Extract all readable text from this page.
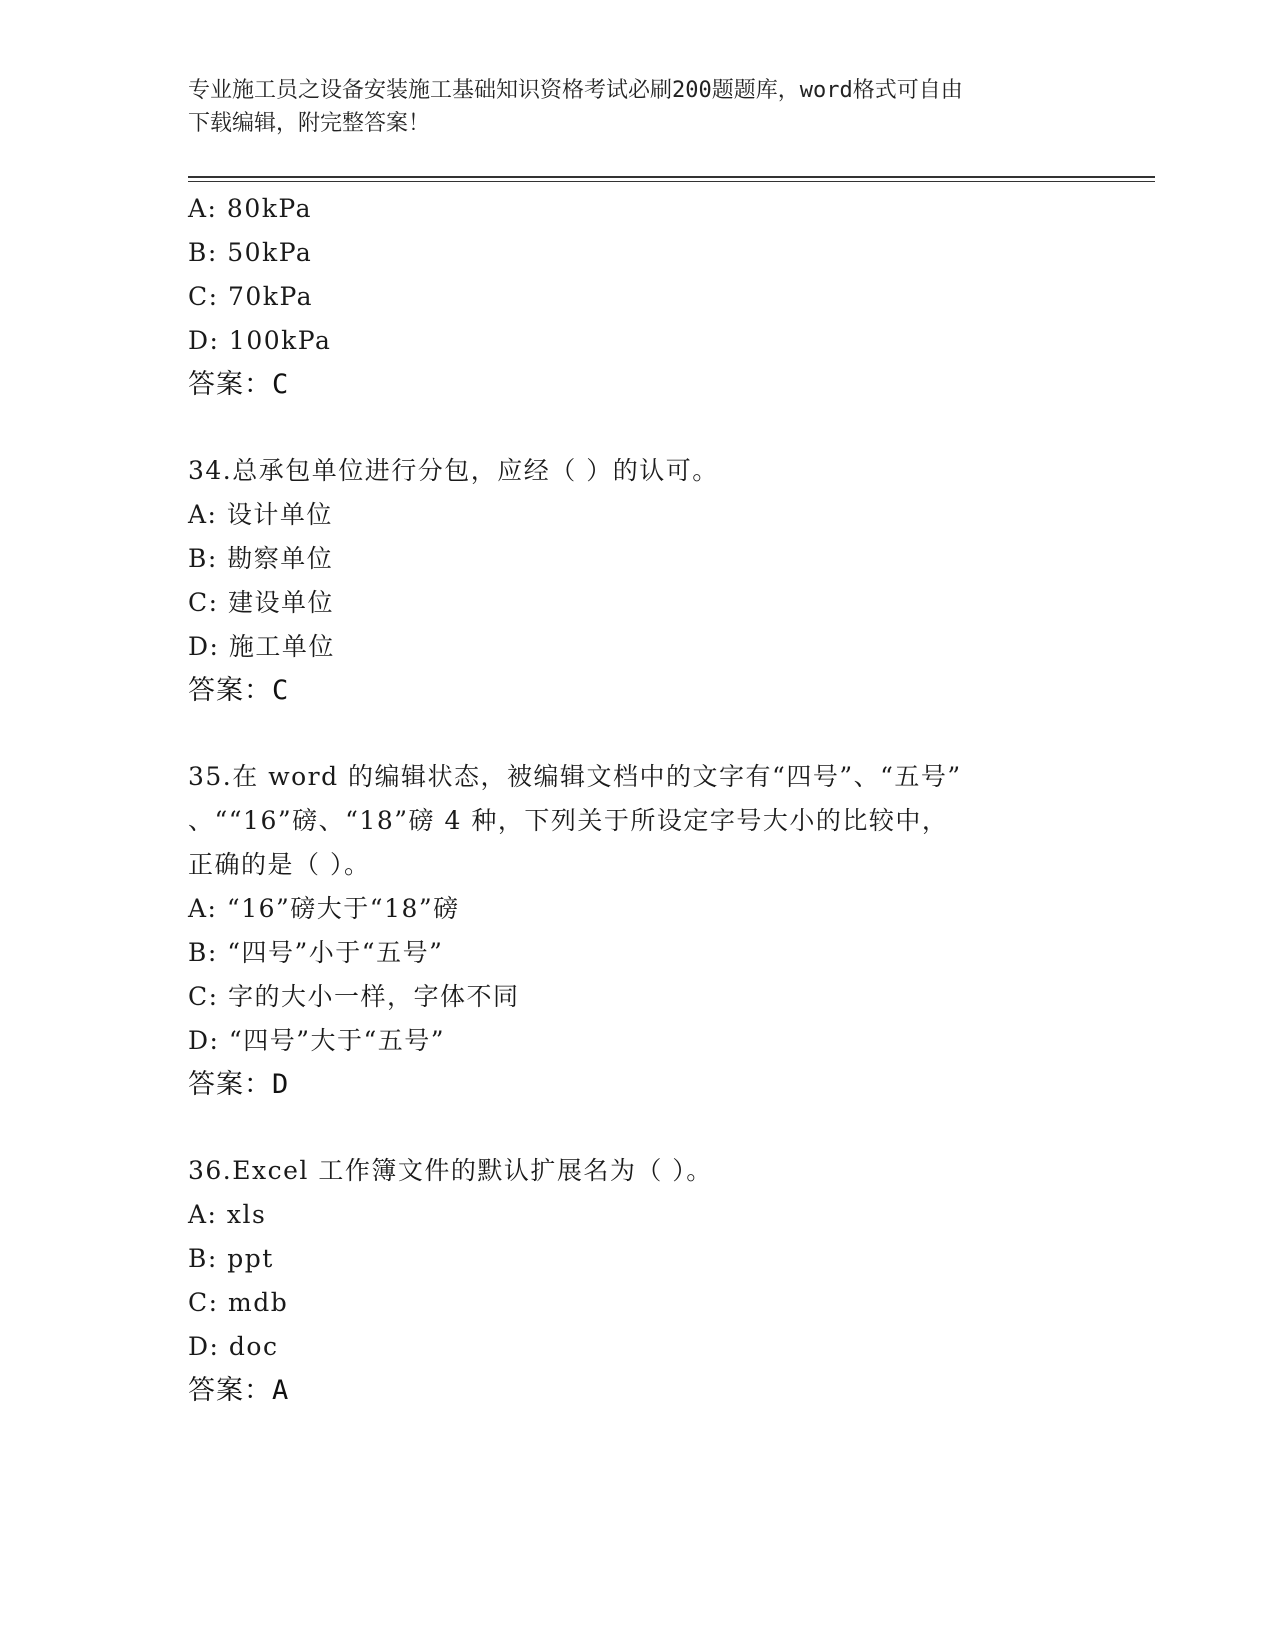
专业施工员之设备安装施工基础知识资格考试必刷200题题库，word格式可自由
下载编辑，附完整答案！
A: 80kPa
B: 50kPa
C: 70kPa
D: 100kPa
答案：C
34.总承包单位进行分包，应经（ ）的认可。
A: 设计单位
B: 勘察单位
C: 建设单位
D: 施工单位
答案：C
35.在 word 的编辑状态，被编辑文档中的文字有“四号”、“五号”
、““16”磅、“18”磅 4 种，下列关于所设定字号大小的比较中，
正确的是（ ）。
A: “16”磅大于“18”磅
B: “四号”小于“五号”
C: 字的大小一样，字体不同
D: “四号”大于“五号”
答案：D
36.Excel 工作簿文件的默认扩展名为（ ）。
A: xls
B: ppt
C: mdb
D: doc
答案：A
